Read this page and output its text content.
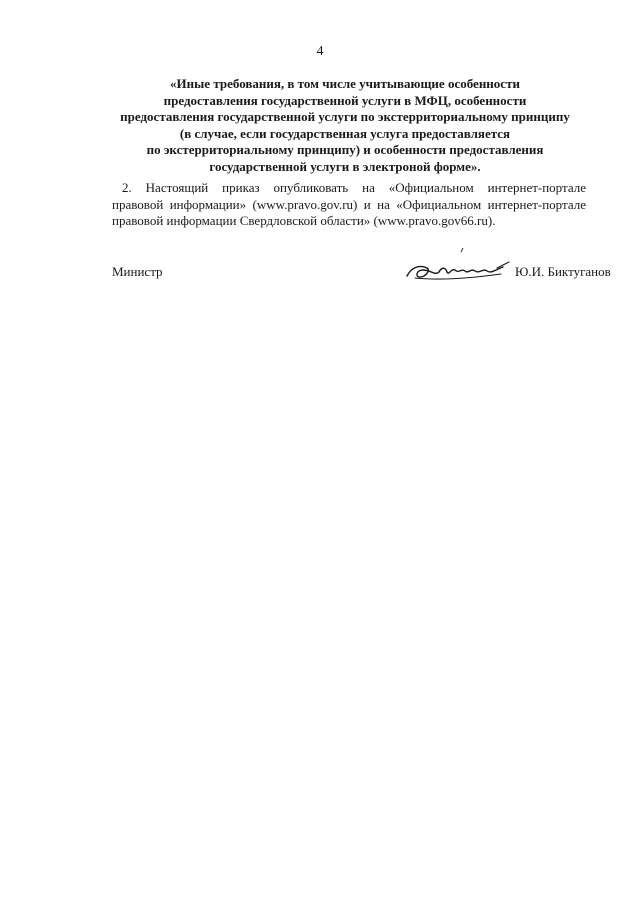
4
«Иные требования, в том числе учитывающие особенности
предоставления государственной услуги в МФЦ, особенности
предоставления государственной услуги по экстерриториальному принципу
(в случае, если государственная услуга предоставляется
по экстерриториальному принципу) и особенности предоставления
государственной услуги в электроной форме».
2. Настоящий приказ опубликовать на «Официальном интернет-портале
правовой информации» (www.pravo.gov.ru) и на «Официальном интернет-портале
правовой информации Свердловской области» (www.pravo.gov66.ru).
Министр	Ю.И. Биктуганов
